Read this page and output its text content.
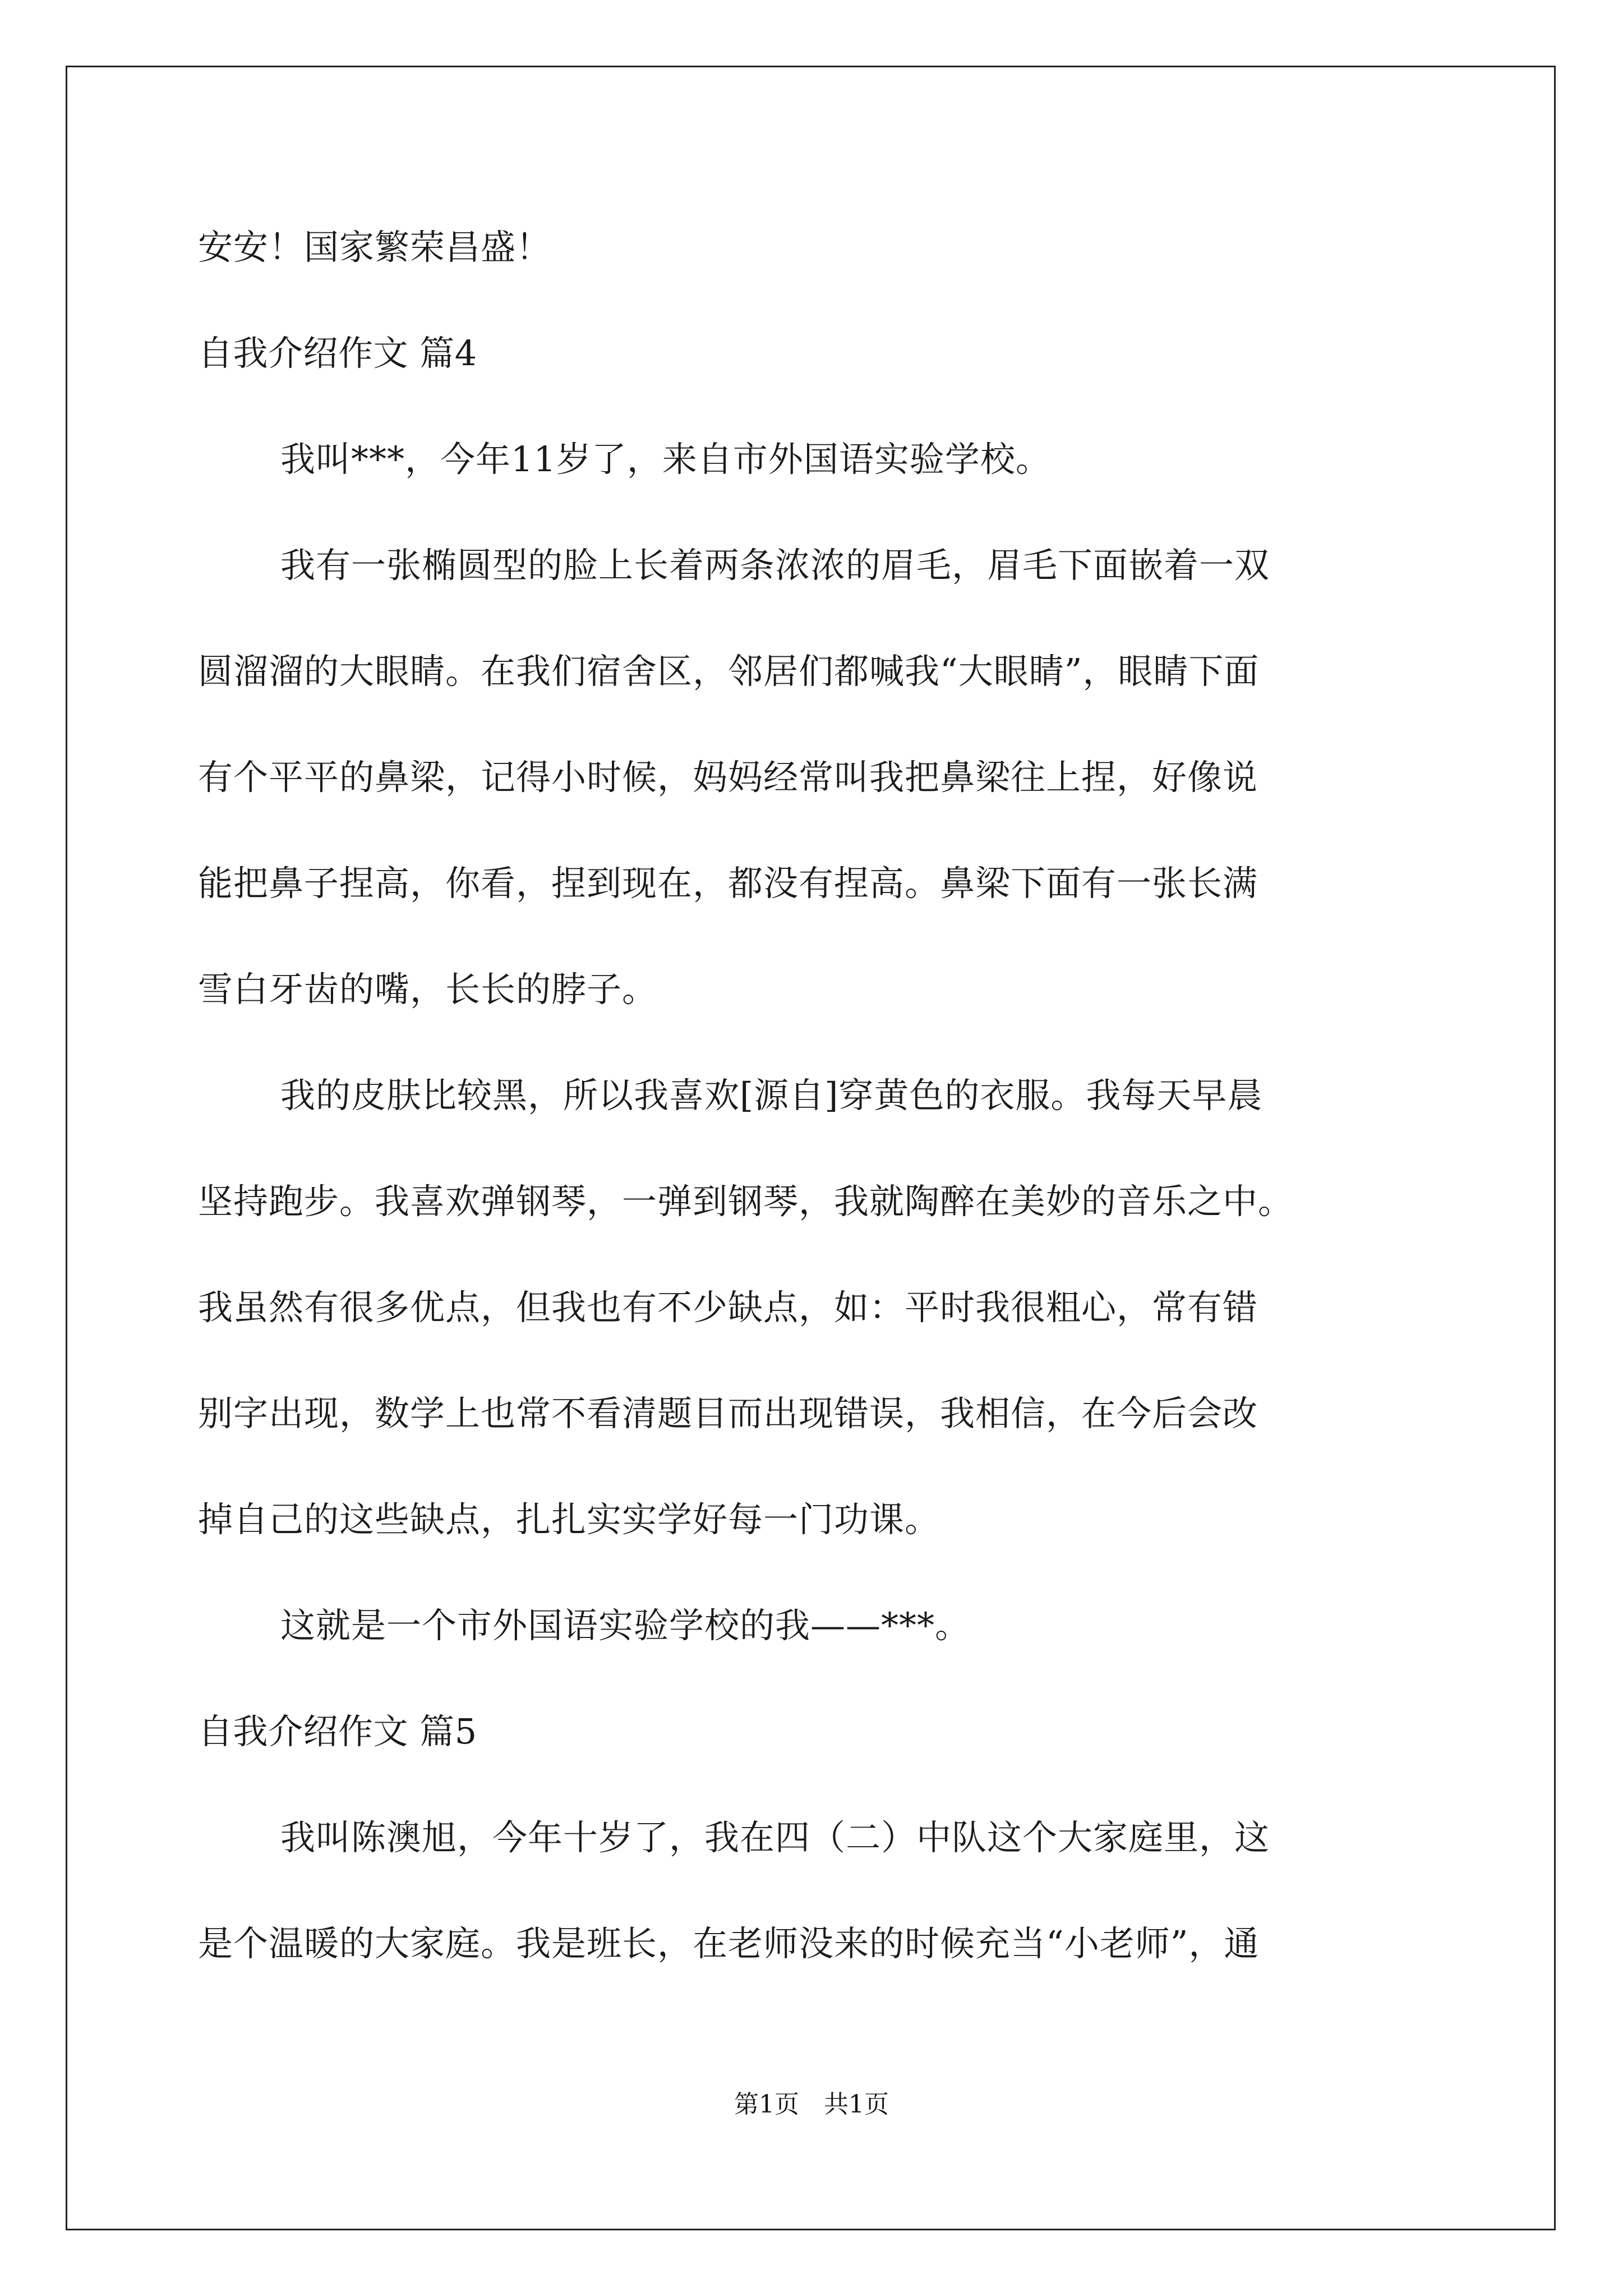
安安！国家繁荣昌盛！
自我介绍作文 篇4
我叫***，今年11岁了，来自市外国语实验学校。
我有一张椭圆型的脸上长着两条浓浓的眉毛，眉毛下面嵌着一双
圆溜溜的大眼睛。在我们宿舍区，邻居们都喊我“大眼睛”，眼睛下面
有个平平的鼻梁，记得小时候，妈妈经常叫我把鼻梁往上捏，好像说
能把鼻子捏高，你看，捏到现在，都没有捏高。鼻梁下面有一张长满
雪白牙齿的嘴，长长的脖子。
我的皮肤比较黑，所以我喜欢[源自]穿黄色的衣服。我每天早晨
坚持跑步。我喜欢弹钢琴，一弹到钢琴，我就陶醉在美妙的音乐之中。
我虽然有很多优点，但我也有不少缺点，如：平时我很粗心，常有错
别字出现，数学上也常不看清题目而出现错误，我相信，在今后会改
掉自己的这些缺点，扎扎实实学好每一门功课。
这就是一个市外国语实验学校的我——***。
自我介绍作文 篇5
我叫陈澳旭，今年十岁了，我在四（二）中队这个大家庭里，这
是个温暖的大家庭。我是班长，在老师没来的时候充当“小老师”，通
第1页　共1页
